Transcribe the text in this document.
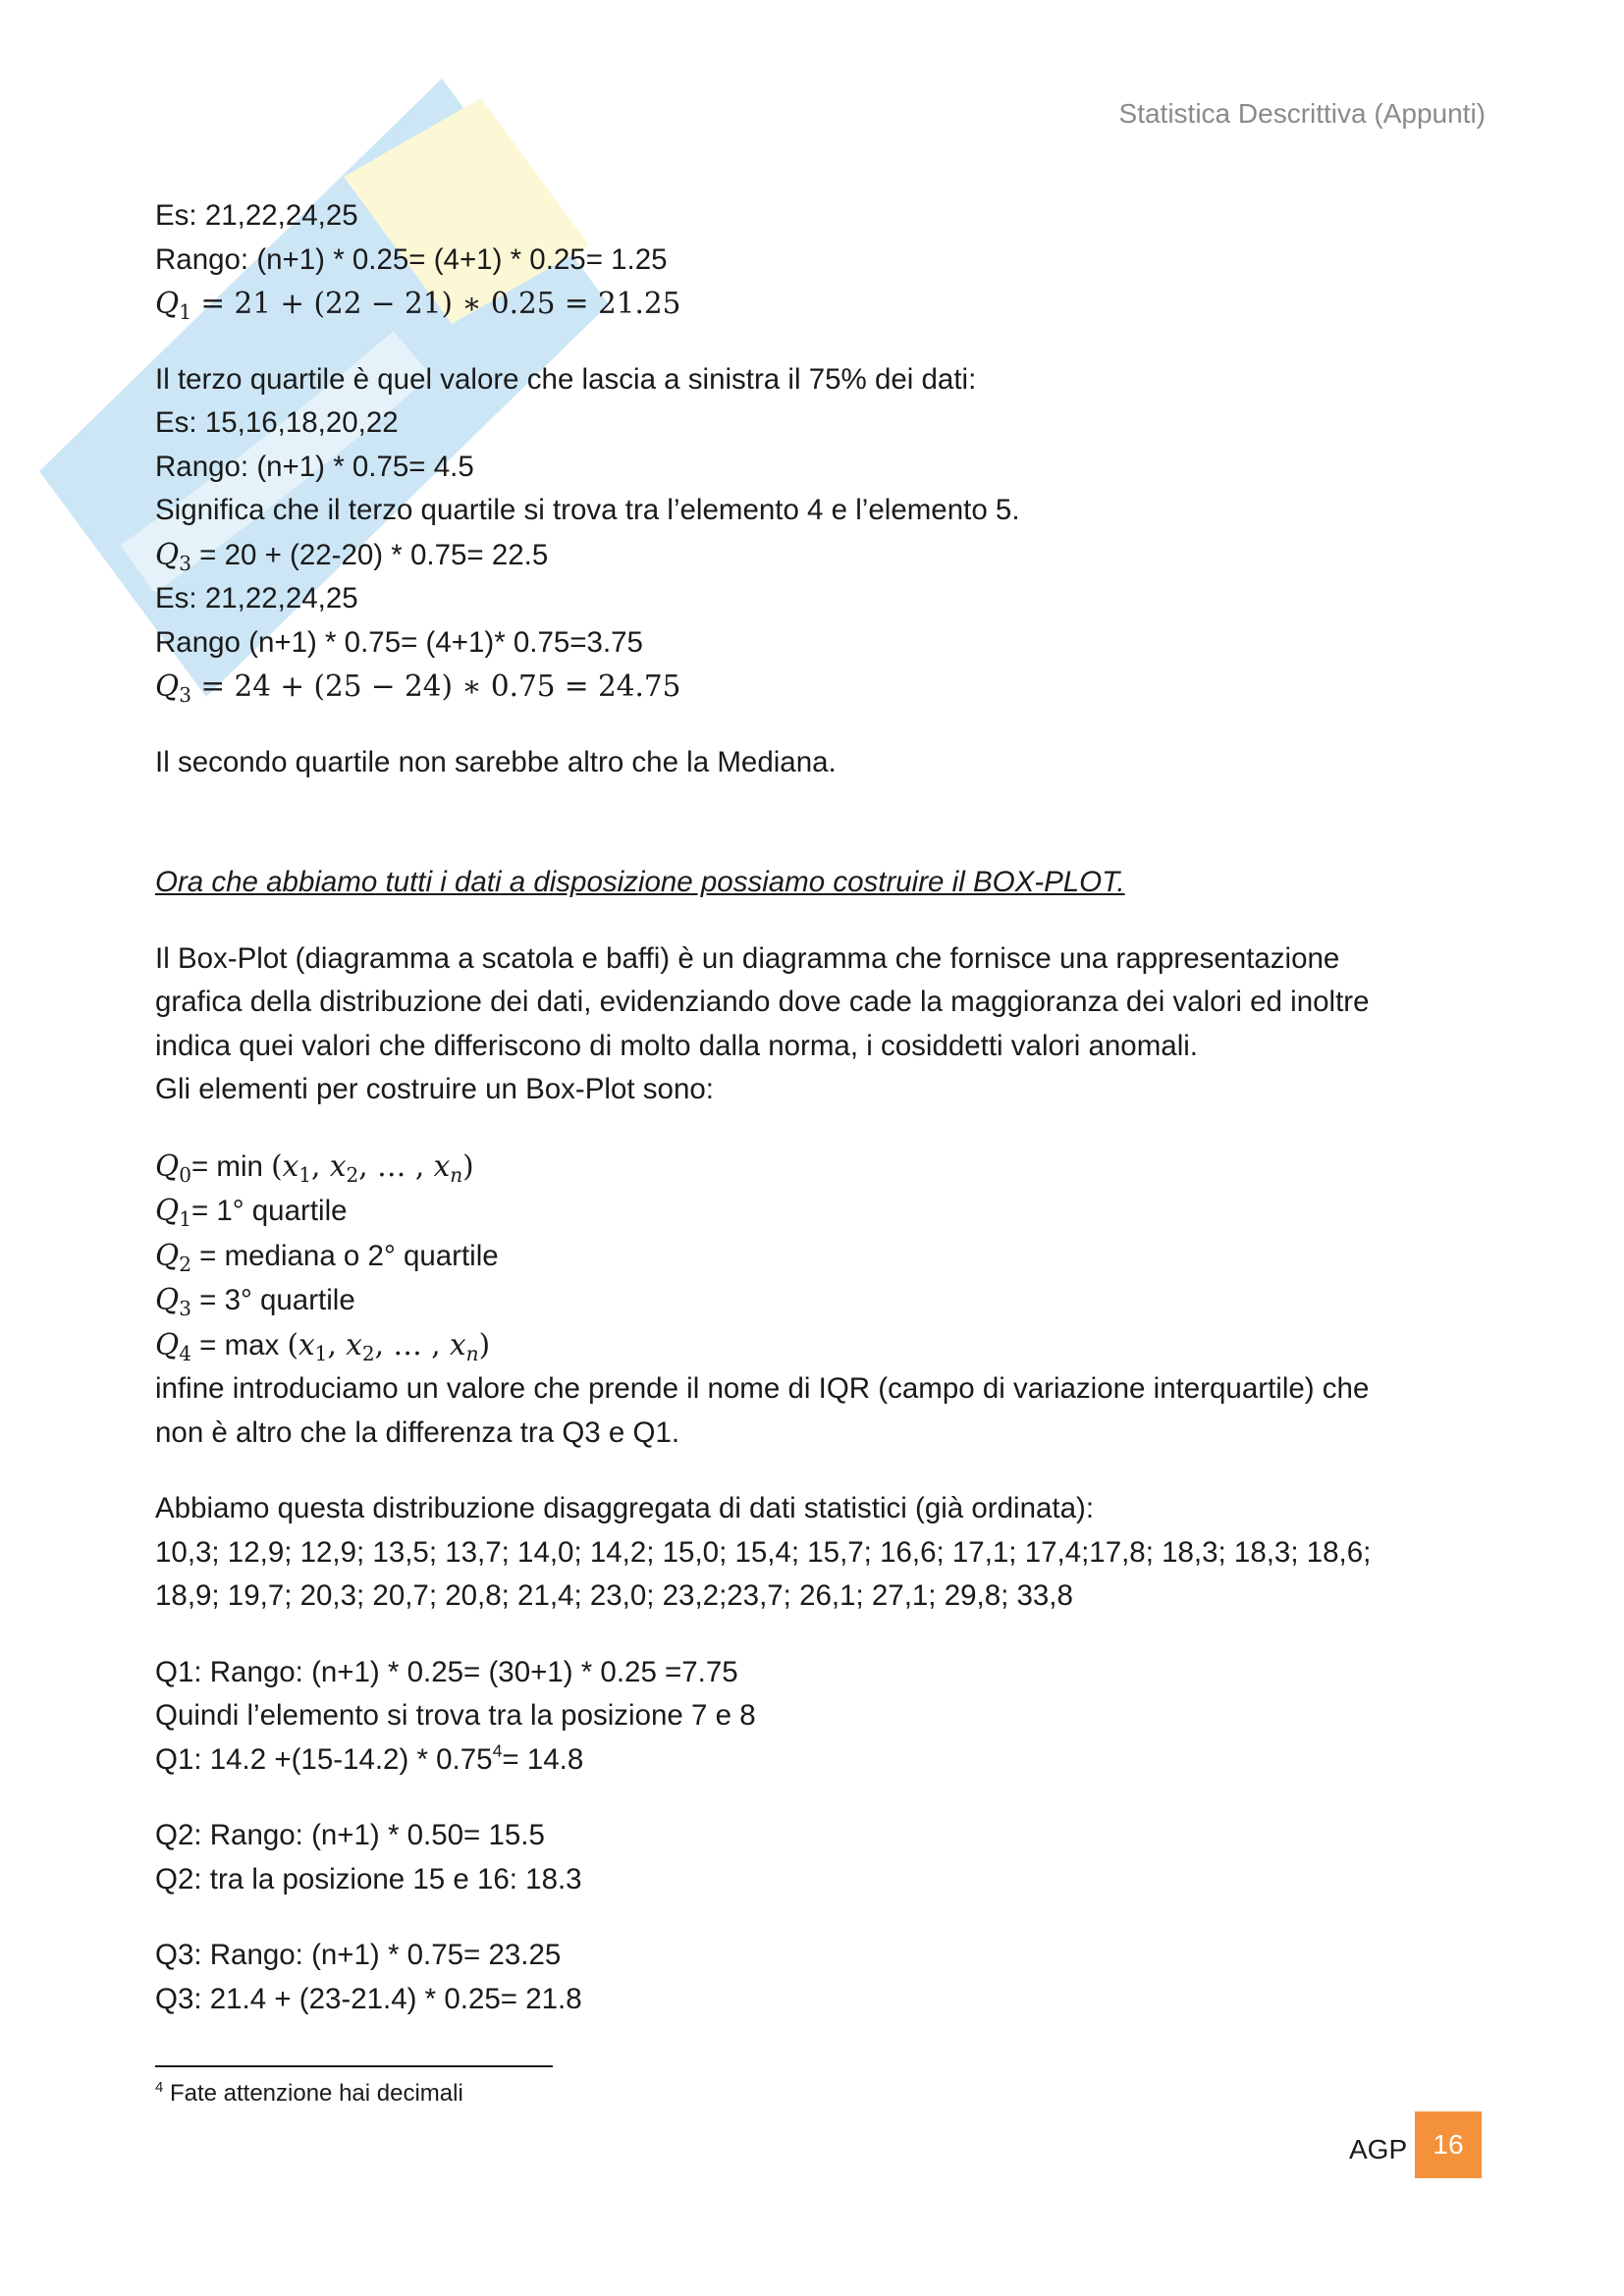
Statistica Descrittiva (Appunti)
Es: 21,22,24,25
Rango: (n+1) * 0.25= (4+1) * 0.25= 1.25
$Q_1 = 21 + (22 - 21)$ ∗ 0.25 = 21.25
Il terzo quartile è quel valore che lascia a sinistra il 75% dei dati:
Es: 15,16,18,20,22
Rango: (n+1) * 0.75= 4.5
Significa che il terzo quartile si trova tra l’elemento 4 e l’elemento 5.
$Q_3 = 20 + (22-20) * 0.75= 22.5$
Es: 21,22,24,25
Rango (n+1) * 0.75= (4+1)* 0.75=3.75
$Q_3 = 24 + (25 - 24)$ ∗ 0.75 = 24.75
Il secondo quartile non sarebbe altro che la Mediana.
Ora che abbiamo tutti i dati a disposizione possiamo costruire il BOX-PLOT.
Il Box-Plot (diagramma a scatola e baffi) è un diagramma che fornisce una rappresentazione
grafica della distribuzione dei dati, evidenziando dove cade la maggioranza dei valori ed inoltre
indica quei valori che differiscono di molto dalla norma, i cosiddetti valori anomali.
Gli elementi per costruire un Box-Plot sono:
$Q_0= \min (x_1$, $x_2$, … , $x_n$)
$Q_1= 1^\circ$ quartile
$Q_2$ = mediana o 2° quartile
$Q_3 = 3^\circ$ quartile
$Q_4 = \max (x_1$, $x_2$, … , $x_n$)
infine introduciamo un valore che prende il nome di IQR (campo di variazione interquartile) che
non è altro che la differenza tra Q3 e Q1.
Abbiamo questa distribuzione disaggregata di dati statistici (già ordinata):
10,3; 12,9; 12,9; 13,5; 13,7; 14,0; 14,2; 15,0; 15,4; 15,7; 16,6; 17,1; 17,4;17,8; 18,3; 18,3; 18,6;
18,9; 19,7; 20,3; 20,7; 20,8; 21,4; 23,0; 23,2;23,7; 26,1; 27,1; 29,8; 33,8
Q1: Rango: (n+1) * 0.25= (30+1) * 0.25 =7.75
Quindi l’elemento si trova tra la posizione 7 e 8
Q1: 14.2 +(15-14.2) * 0.75$^4$= 14.8
Q2: Rango: (n+1) * 0.50= 15.5
Q2: tra la posizione 15 e 16: 18.3
Q3: Rango: (n+1) * 0.75= 23.25
Q3: 21.4 + (23-21.4) * 0.25= 21.8
$^4$ Fate attenzione hai decimali
AGP 16
